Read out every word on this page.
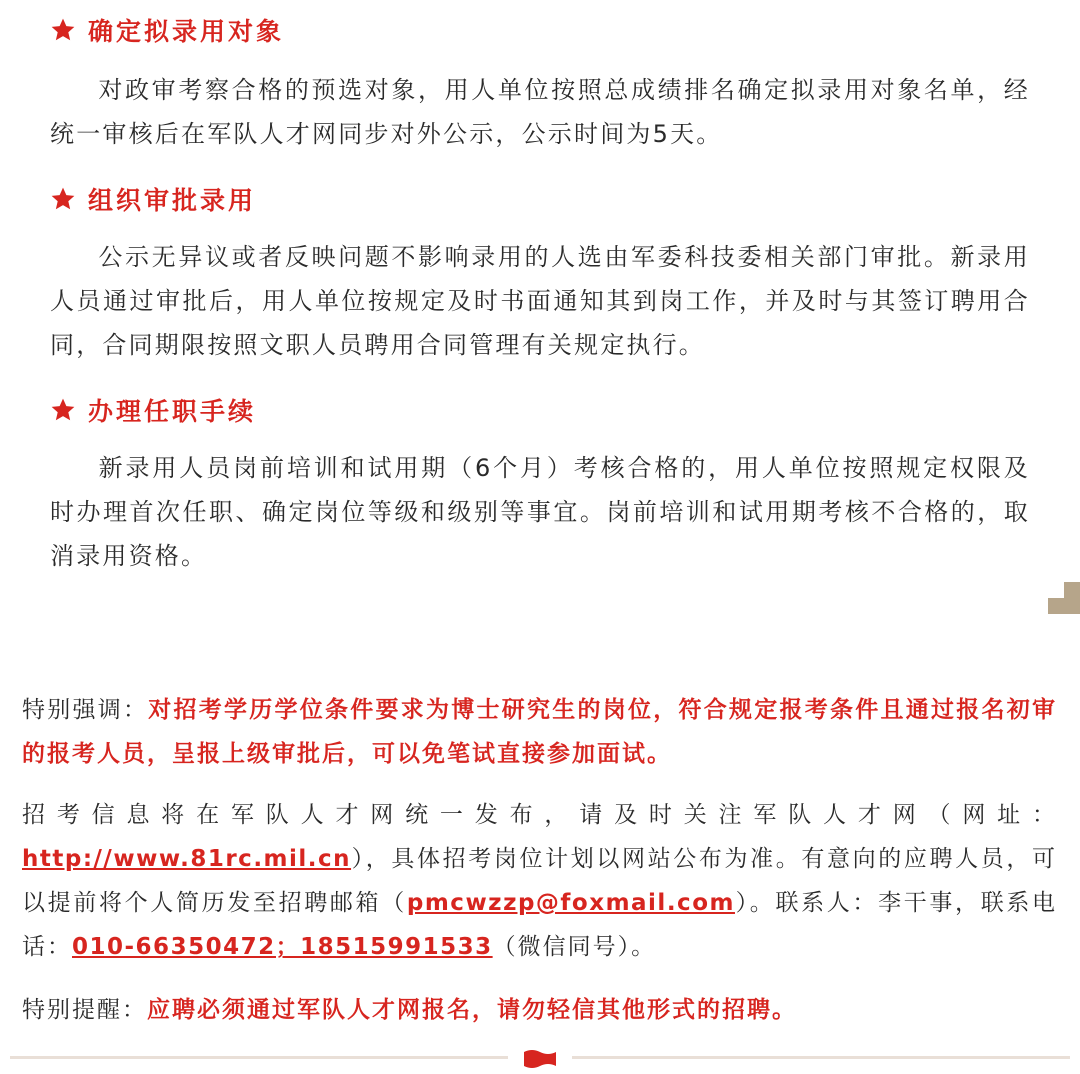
确定拟录用对象

对政审考察合格的预选对象，用人单位按照总成绩排名确定拟录用对象名单，经统一审核后在军队人才网同步对外公示，公示时间为5天。

组织审批录用

公示无异议或者反映问题不影响录用的人选由军委科技委相关部门审批。新录用人员通过审批后，用人单位按规定及时书面通知其到岗工作，并及时与其签订聘用合同，合同期限按照文职人员聘用合同管理有关规定执行。

办理任职手续

新录用人员岗前培训和试用期（6个月）考核合格的，用人单位按照规定权限及时办理首次任职、确定岗位等级和级别等事宜。岗前培训和试用期考核不合格的，取消录用资格。

特别强调：对招考学历学位条件要求为博士研究生的岗位，符合规定报考条件且通过报名初审的报考人员，呈报上级审批后，可以免笔试直接参加面试。

招考信息将在军队人才网统一发布，请及时关注军队人才网（网址：http://www.81rc.mil.cn），具体招考岗位计划以网站公布为准。有意向的应聘人员，可以提前将个人简历发至招聘邮箱（pmcwzzp@foxmail.com）。联系人：李干事，联系电话：010-66350472；18515991533（微信同号）。

特别提醒：应聘必须通过军队人才网报名，请勿轻信其他形式的招聘。
